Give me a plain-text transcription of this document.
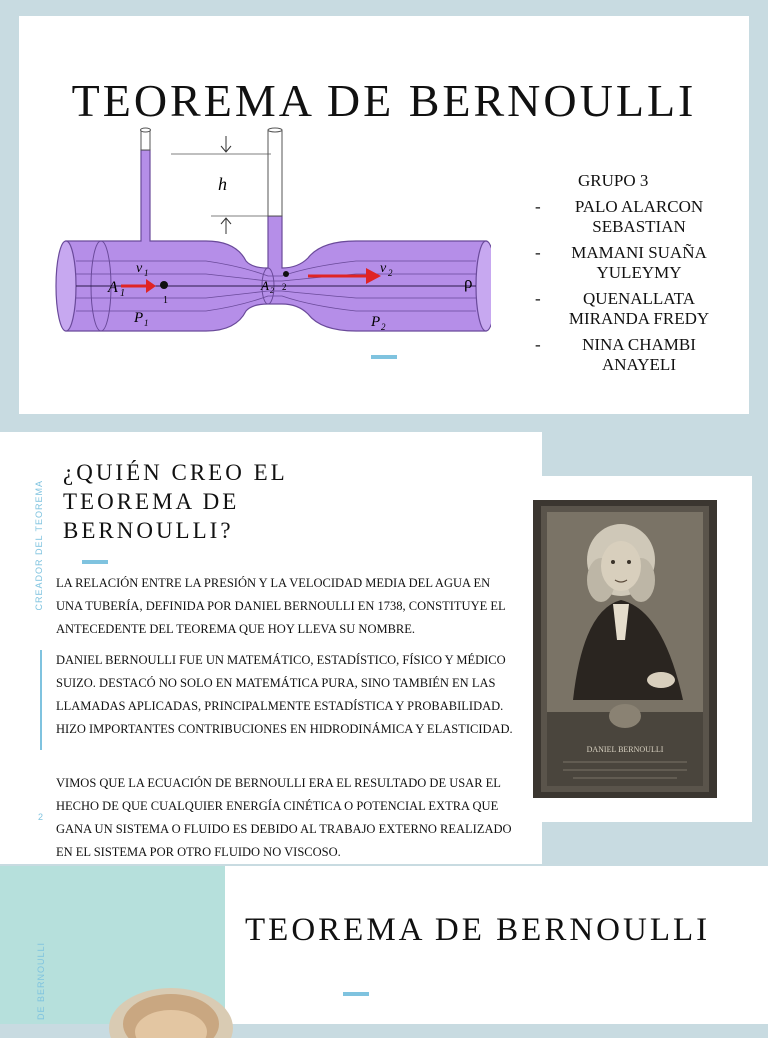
TEOREMA DE BERNOULLI
h
A 1
v 1
1
P 1
A 2 2
v 2
P 2
ρ
GRUPO 3
-	PALO ALARCON SEBASTIAN
-	MAMANI SUAÑA YULEYMY
-	QUENALLATA MIRANDA FREDY
-	NINA CHAMBI ANAYELI
CREADOR DEL TEOREMA
¿QUIÉN CREO EL TEOREMA DE BERNOULLI?
LA RELACIÓN ENTRE LA PRESIÓN Y LA VELOCIDAD MEDIA DEL AGUA EN UNA TUBERÍA, DEFINIDA POR DANIEL BERNOULLI EN 1738, CONSTITUYE EL ANTECEDENTE DEL TEOREMA QUE HOY LLEVA SU NOMBRE.
DANIEL BERNOULLI FUE UN MATEMÁTICO, ESTADÍSTICO, FÍSICO Y MÉDICO SUIZO. DESTACÓ NO SOLO EN MATEMÁTICA PURA, SINO TAMBIÉN EN LAS LLAMADAS APLICADAS, PRINCIPALMENTE ESTADÍSTICA Y PROBABILIDAD. HIZO IMPORTANTES CONTRIBUCIONES EN HIDRODINÁMICA Y ELASTICIDAD.
VIMOS QUE LA ECUACIÓN DE BERNOULLI ERA EL RESULTADO DE USAR EL HECHO DE QUE CUALQUIER ENERGÍA CINÉTICA O POTENCIAL EXTRA QUE GANA UN SISTEMA O FLUIDO ES DEBIDO AL TRABAJO EXTERNO REALIZADO EN EL SISTEMA POR OTRO FLUIDO NO VISCOSO.
2
DANIEL BERNOULLI
DE BERNOULLI
TEOREMA DE BERNOULLI
